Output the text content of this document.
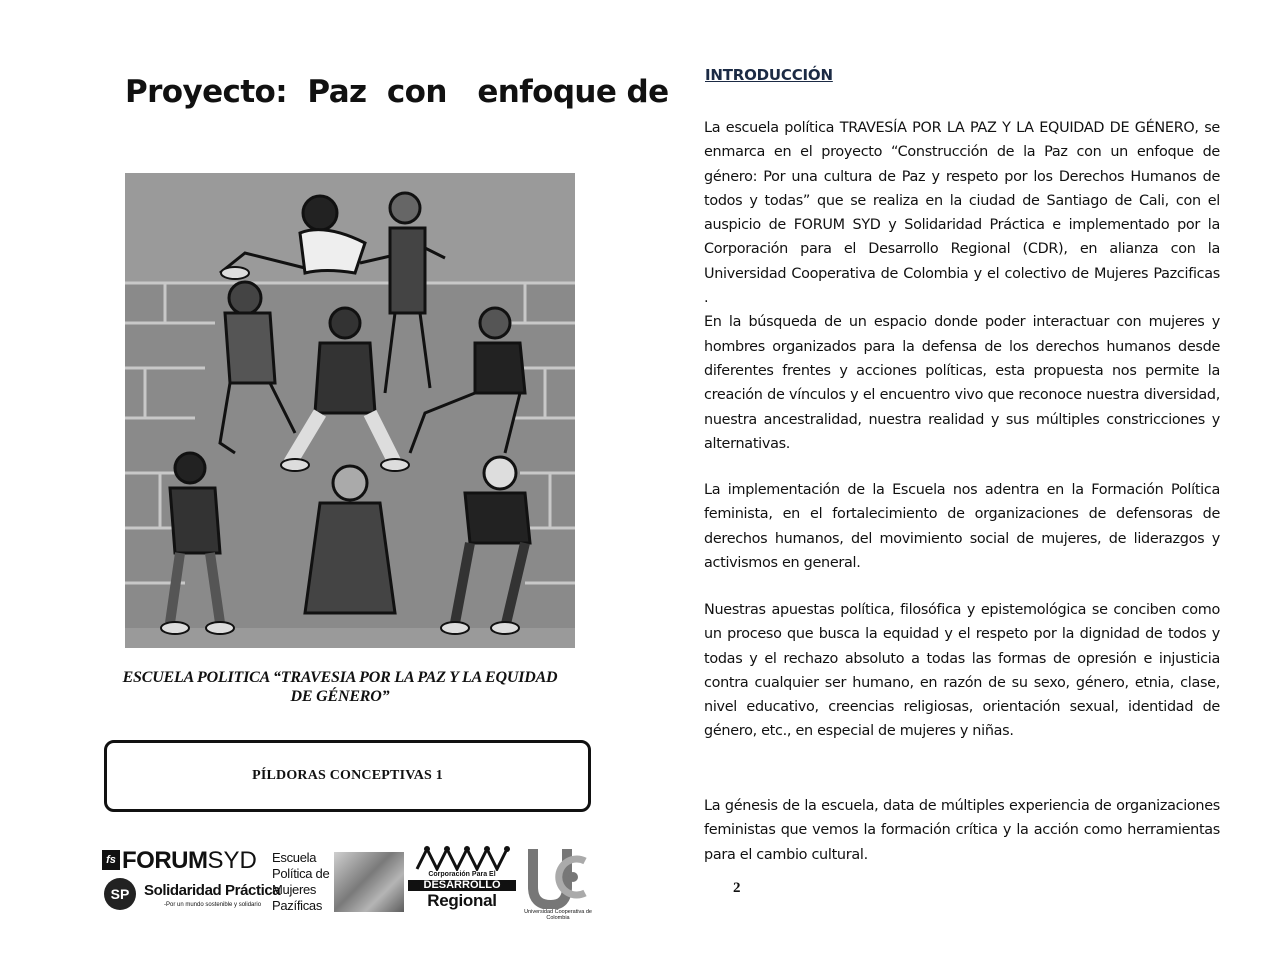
Proyecto:  Paz  con   enfoque de

ESCUELA POLITICA “TRAVESIA POR LA PAZ Y LA EQUIDAD DE GÉNERO”

PÍLDORAS CONCEPTIVAS 1
fs FORUMSYD
SP Solidaridad Práctica
-Por un mundo sostenible y solidario
Escuela Política de Mujeres Pazíficas
Corporación Para El
DESARROLLO
Regional
Universidad Cooperativa de Colombia
INTRODUCCIÓN

La escuela política TRAVESÍA POR LA PAZ Y LA EQUIDAD DE GÉNERO, se enmarca en el proyecto “Construcción de la Paz con un enfoque de género: Por una cultura de Paz y respeto por los Derechos Humanos de todos y todas” que se realiza en la ciudad de Santiago de Cali, con el auspicio de FORUM SYD y Solidaridad Práctica e implementado por la Corporación para el Desarrollo Regional (CDR), en alianza con la Universidad Cooperativa de Colombia y el colectivo de Mujeres Pazcificas .

En la búsqueda de un espacio donde poder interactuar con mujeres y hombres organizados para la defensa de los derechos humanos desde diferentes frentes y acciones políticas, esta propuesta nos permite la creación de vínculos y el encuentro vivo que reconoce nuestra diversidad, nuestra ancestralidad, nuestra realidad y sus múltiples constricciones y alternativas.

La implementación de la Escuela nos adentra en la Formación Política feminista, en el fortalecimiento de organizaciones de defensoras de derechos humanos, del movimiento social de mujeres, de liderazgos y activismos en general.

Nuestras apuestas política, filosófica y epistemológica se conciben como un proceso que busca la equidad y el respeto por la dignidad de todos y todas y el rechazo absoluto a todas las formas de opresión e injusticia contra cualquier ser humano, en razón de su sexo, género, etnia, clase, nivel educativo, creencias religiosas, orientación sexual, identidad de género, etc., en especial de mujeres y niñas.

La génesis de la escuela, data de múltiples experiencia de organizaciones feministas que vemos la formación crítica y la acción como herramientas para el cambio cultural.

2
